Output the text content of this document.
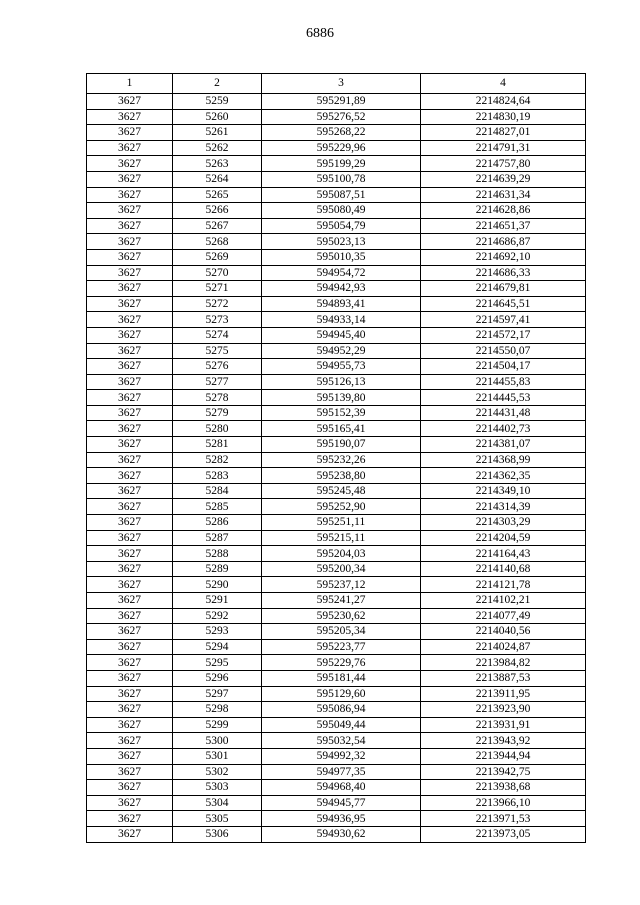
6886
1	2	3	4
3627	5259	595291,89	2214824,64
3627	5260	595276,52	2214830,19
3627	5261	595268,22	2214827,01
3627	5262	595229,96	2214791,31
3627	5263	595199,29	2214757,80
3627	5264	595100,78	2214639,29
3627	5265	595087,51	2214631,34
3627	5266	595080,49	2214628,86
3627	5267	595054,79	2214651,37
3627	5268	595023,13	2214686,87
3627	5269	595010,35	2214692,10
3627	5270	594954,72	2214686,33
3627	5271	594942,93	2214679,81
3627	5272	594893,41	2214645,51
3627	5273	594933,14	2214597,41
3627	5274	594945,40	2214572,17
3627	5275	594952,29	2214550,07
3627	5276	594955,73	2214504,17
3627	5277	595126,13	2214455,83
3627	5278	595139,80	2214445,53
3627	5279	595152,39	2214431,48
3627	5280	595165,41	2214402,73
3627	5281	595190,07	2214381,07
3627	5282	595232,26	2214368,99
3627	5283	595238,80	2214362,35
3627	5284	595245,48	2214349,10
3627	5285	595252,90	2214314,39
3627	5286	595251,11	2214303,29
3627	5287	595215,11	2214204,59
3627	5288	595204,03	2214164,43
3627	5289	595200,34	2214140,68
3627	5290	595237,12	2214121,78
3627	5291	595241,27	2214102,21
3627	5292	595230,62	2214077,49
3627	5293	595205,34	2214040,56
3627	5294	595223,77	2214024,87
3627	5295	595229,76	2213984,82
3627	5296	595181,44	2213887,53
3627	5297	595129,60	2213911,95
3627	5298	595086,94	2213923,90
3627	5299	595049,44	2213931,91
3627	5300	595032,54	2213943,92
3627	5301	594992,32	2213944,94
3627	5302	594977,35	2213942,75
3627	5303	594968,40	2213938,68
3627	5304	594945,77	2213966,10
3627	5305	594936,95	2213971,53
3627	5306	594930,62	2213973,05
